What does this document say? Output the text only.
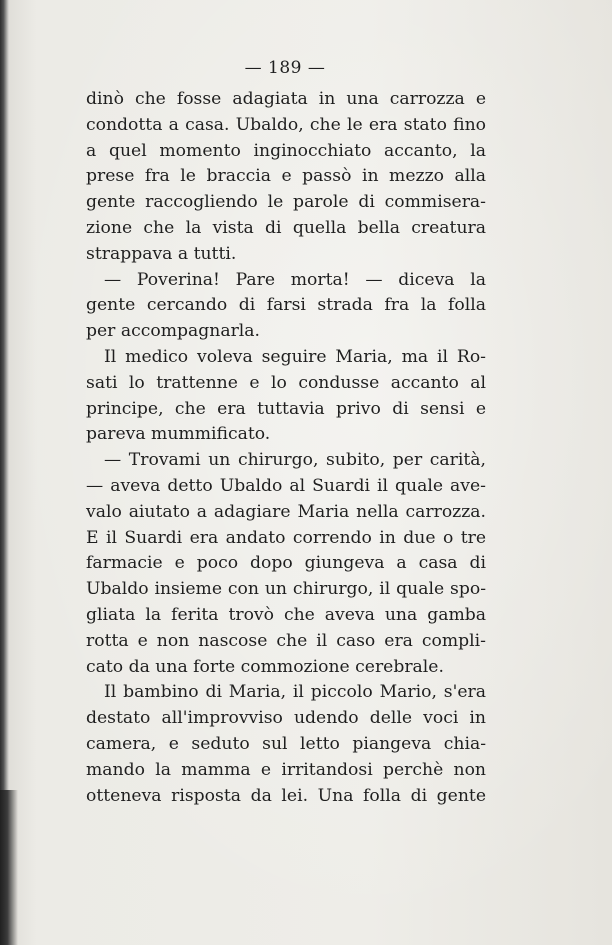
— 189 —
dinò che fosse adagiata in una carrozza e
condotta a casa. Ubaldo, che le era stato fino
a quel momento inginocchiato accanto, la
prese fra le braccia e passò in mezzo alla
gente raccogliendo le parole di commisera-
zione che la vista di quella bella creatura
strappava a tutti.
— Poverina! Pare morta! — diceva la
gente cercando di farsi strada fra la folla
per accompagnarla.
Il medico voleva seguire Maria, ma il Ro-
sati lo trattenne e lo condusse accanto al
principe, che era tuttavia privo di sensi e
pareva mummificato.
— Trovami un chirurgo, subito, per carità,
— aveva detto Ubaldo al Suardi il quale ave-
valo aiutato a adagiare Maria nella carrozza.
E il Suardi era andato correndo in due o tre
farmacie e poco dopo giungeva a casa di
Ubaldo insieme con un chirurgo, il quale spo-
gliata la ferita trovò che aveva una gamba
rotta e non nascose che il caso era compli-
cato da una forte commozione cerebrale.
Il bambino di Maria, il piccolo Mario, s'era
destato all'improvviso udendo delle voci in
camera, e seduto sul letto piangeva chia-
mando la mamma e irritandosi perchè non
otteneva risposta da lei. Una folla di gente
